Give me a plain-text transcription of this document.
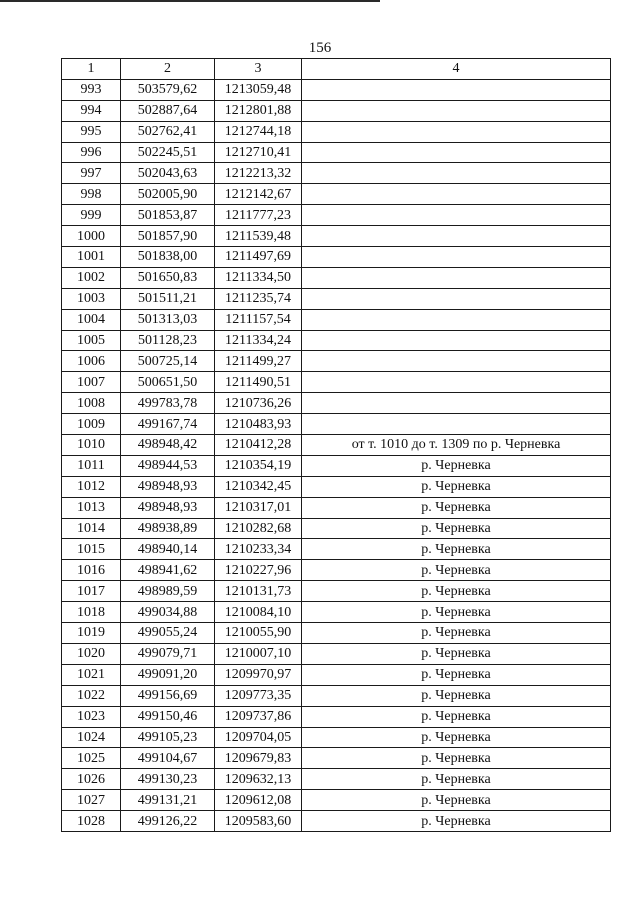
156
1	2	3	4
993	503579,62	1213059,48	
994	502887,64	1212801,88	
995	502762,41	1212744,18	
996	502245,51	1212710,41	
997	502043,63	1212213,32	
998	502005,90	1212142,67	
999	501853,87	1211777,23	
1000	501857,90	1211539,48	
1001	501838,00	1211497,69	
1002	501650,83	1211334,50	
1003	501511,21	1211235,74	
1004	501313,03	1211157,54	
1005	501128,23	1211334,24	
1006	500725,14	1211499,27	
1007	500651,50	1211490,51	
1008	499783,78	1210736,26	
1009	499167,74	1210483,93	
1010	498948,42	1210412,28	от т. 1010 до т. 1309 по р. Черневка
1011	498944,53	1210354,19	р. Черневка
1012	498948,93	1210342,45	р. Черневка
1013	498948,93	1210317,01	р. Черневка
1014	498938,89	1210282,68	р. Черневка
1015	498940,14	1210233,34	р. Черневка
1016	498941,62	1210227,96	р. Черневка
1017	498989,59	1210131,73	р. Черневка
1018	499034,88	1210084,10	р. Черневка
1019	499055,24	1210055,90	р. Черневка
1020	499079,71	1210007,10	р. Черневка
1021	499091,20	1209970,97	р. Черневка
1022	499156,69	1209773,35	р. Черневка
1023	499150,46	1209737,86	р. Черневка
1024	499105,23	1209704,05	р. Черневка
1025	499104,67	1209679,83	р. Черневка
1026	499130,23	1209632,13	р. Черневка
1027	499131,21	1209612,08	р. Черневка
1028	499126,22	1209583,60	р. Черневка
